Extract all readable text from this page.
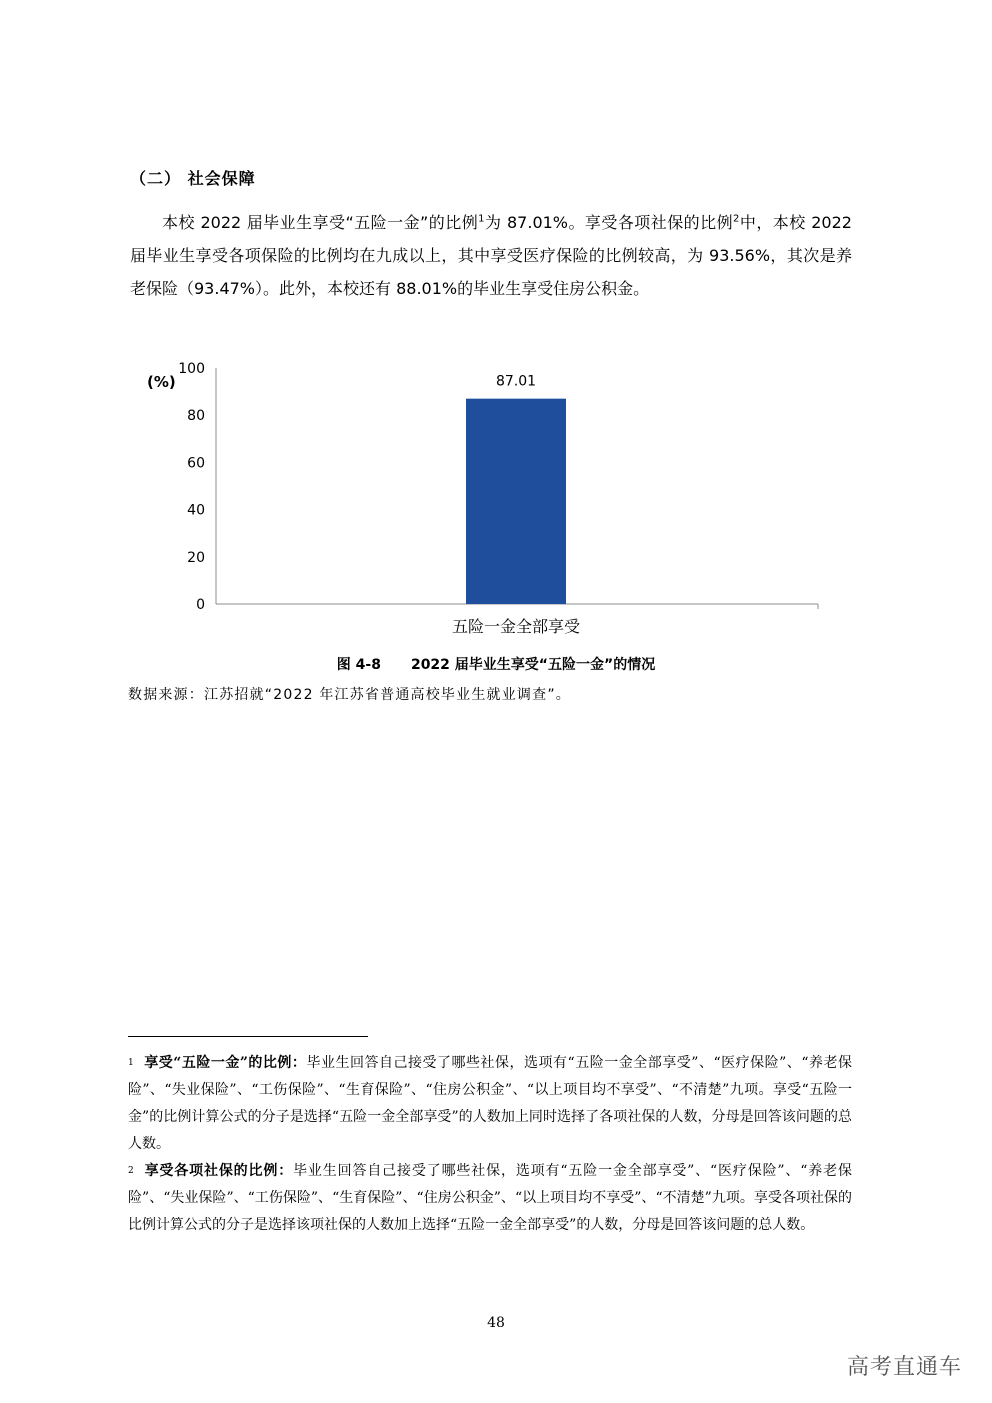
（二） 社会保障
本校 2022 届毕业生享受“五险一金”的比例$^1$为 87.01%。享受各项社保的比例$^2$中，本校 2022 届毕业生享受各项保险的比例均在九成以上，其中享受医疗保险的比例较高，为 93.56%，其次是养老保险（93.47%）。此外，本校还有 88.01%的毕业生享受住房公积金。
0
20
40
60
80
100
(%)	87.01
五险一金全部享受
图 4-8 2022 届毕业生享受“五险一金”的情况
数据来源：江苏招就“2022 年江苏省普通高校毕业生就业调查”。
$^1$ 享受“五险一金”的比例：毕业生回答自己接受了哪些社保，选项有“五险一金全部享受”、“医疗保险”、“养老保险”、“失业保险”、“工伤保险”、“生育保险”、“住房公积金”、“以上项目均不享受”、“不清楚”九项。享受“五险一金”的比例计算公式的分子是选择“五险一金全部享受”的人数加上同时选择了各项社保的人数，分母是回答该问题的总人数。
$^2$ 享受各项社保的比例：毕业生回答自己接受了哪些社保，选项有“五险一金全部享受”、“医疗保险”、“养老保险”、“失业保险”、“工伤保险”、“生育保险”、“住房公积金”、“以上项目均不享受”、“不清楚”九项。享受各项社保的比例计算公式的分子是选择该项社保的人数加上选择“五险一金全部享受”的人数，分母是回答该问题的总人数。
48
高考直通车
